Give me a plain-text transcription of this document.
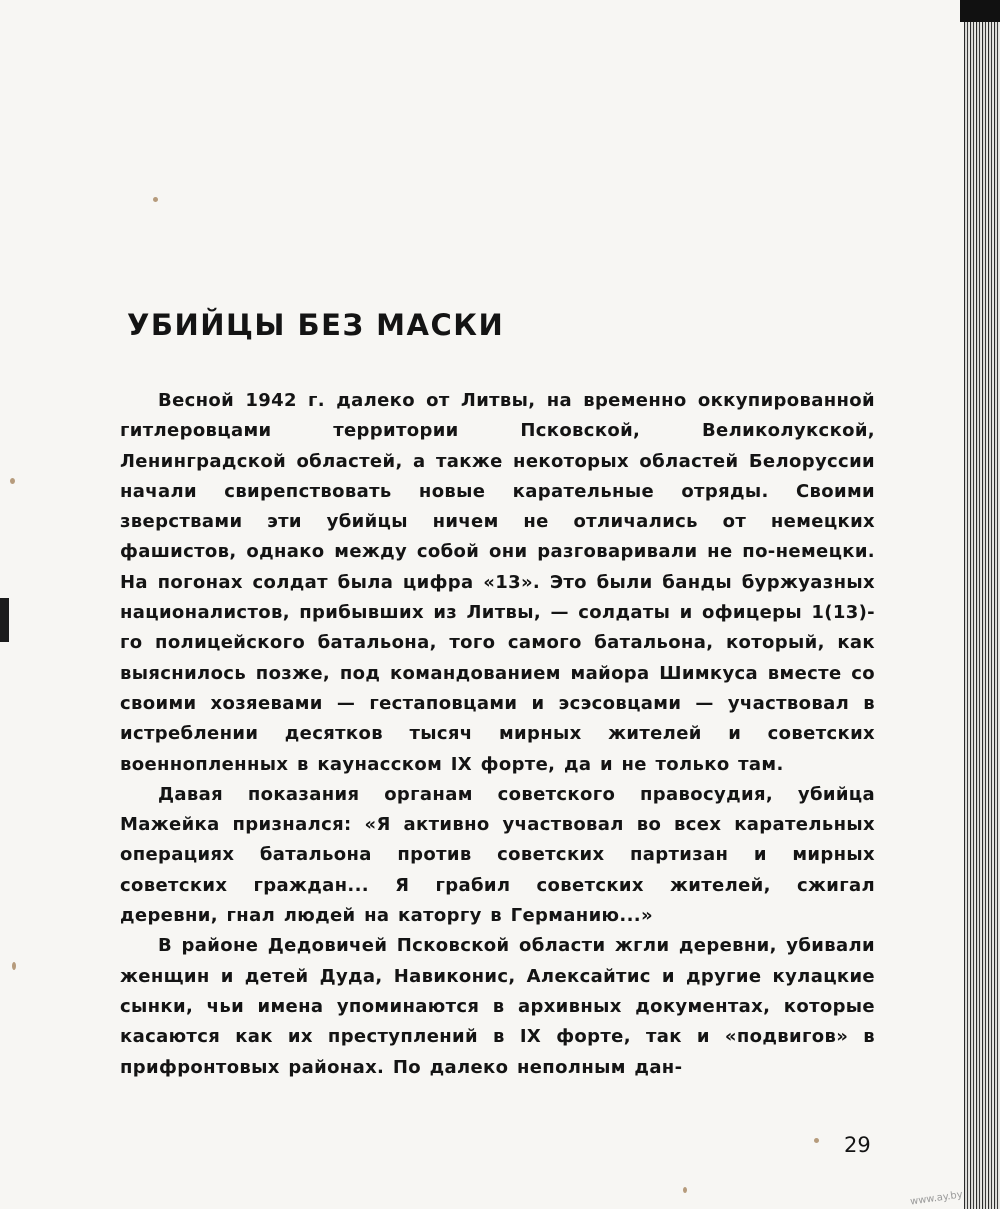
УБИЙЦЫ БЕЗ МАСКИ

Весной 1942 г. далеко от Литвы, на временно оккупированной гитлеровцами территории Псковской, Великолукской, Ленинградской областей, а также некоторых областей Белоруссии начали свирепствовать новые карательные отряды. Своими зверствами эти убийцы ничем не отличались от немецких фашистов, однако между собой они разговаривали не по-немецки. На погонах солдат была цифра «13». Это были банды буржуазных националистов, прибывших из Литвы, — солдаты и офицеры 1(13)-го полицейского батальона, того самого батальона, который, как выяснилось позже, под командованием майора Шимкуса вместе со своими хозяевами — гестаповцами и эсэсовцами — участвовал в истреблении десятков тысяч мирных жителей и советских военнопленных в каунасском IX форте, да и не только там.

Давая показания органам советского правосудия, убийца Мажейка признался: «Я активно участвовал во всех карательных операциях батальона против советских партизан и мирных советских граждан... Я грабил советских жителей, сжигал деревни, гнал людей на каторгу в Германию...»

В районе Дедовичей Псковской области жгли деревни, убивали женщин и детей Дуда, Навиконис, Алексайтис и другие кулацкие сынки, чьи имена упоминаются в архивных документах, которые касаются как их преступлений в IX форте, так и «подвигов» в прифронтовых районах. По далеко неполным дан-

29
www.ay.by
